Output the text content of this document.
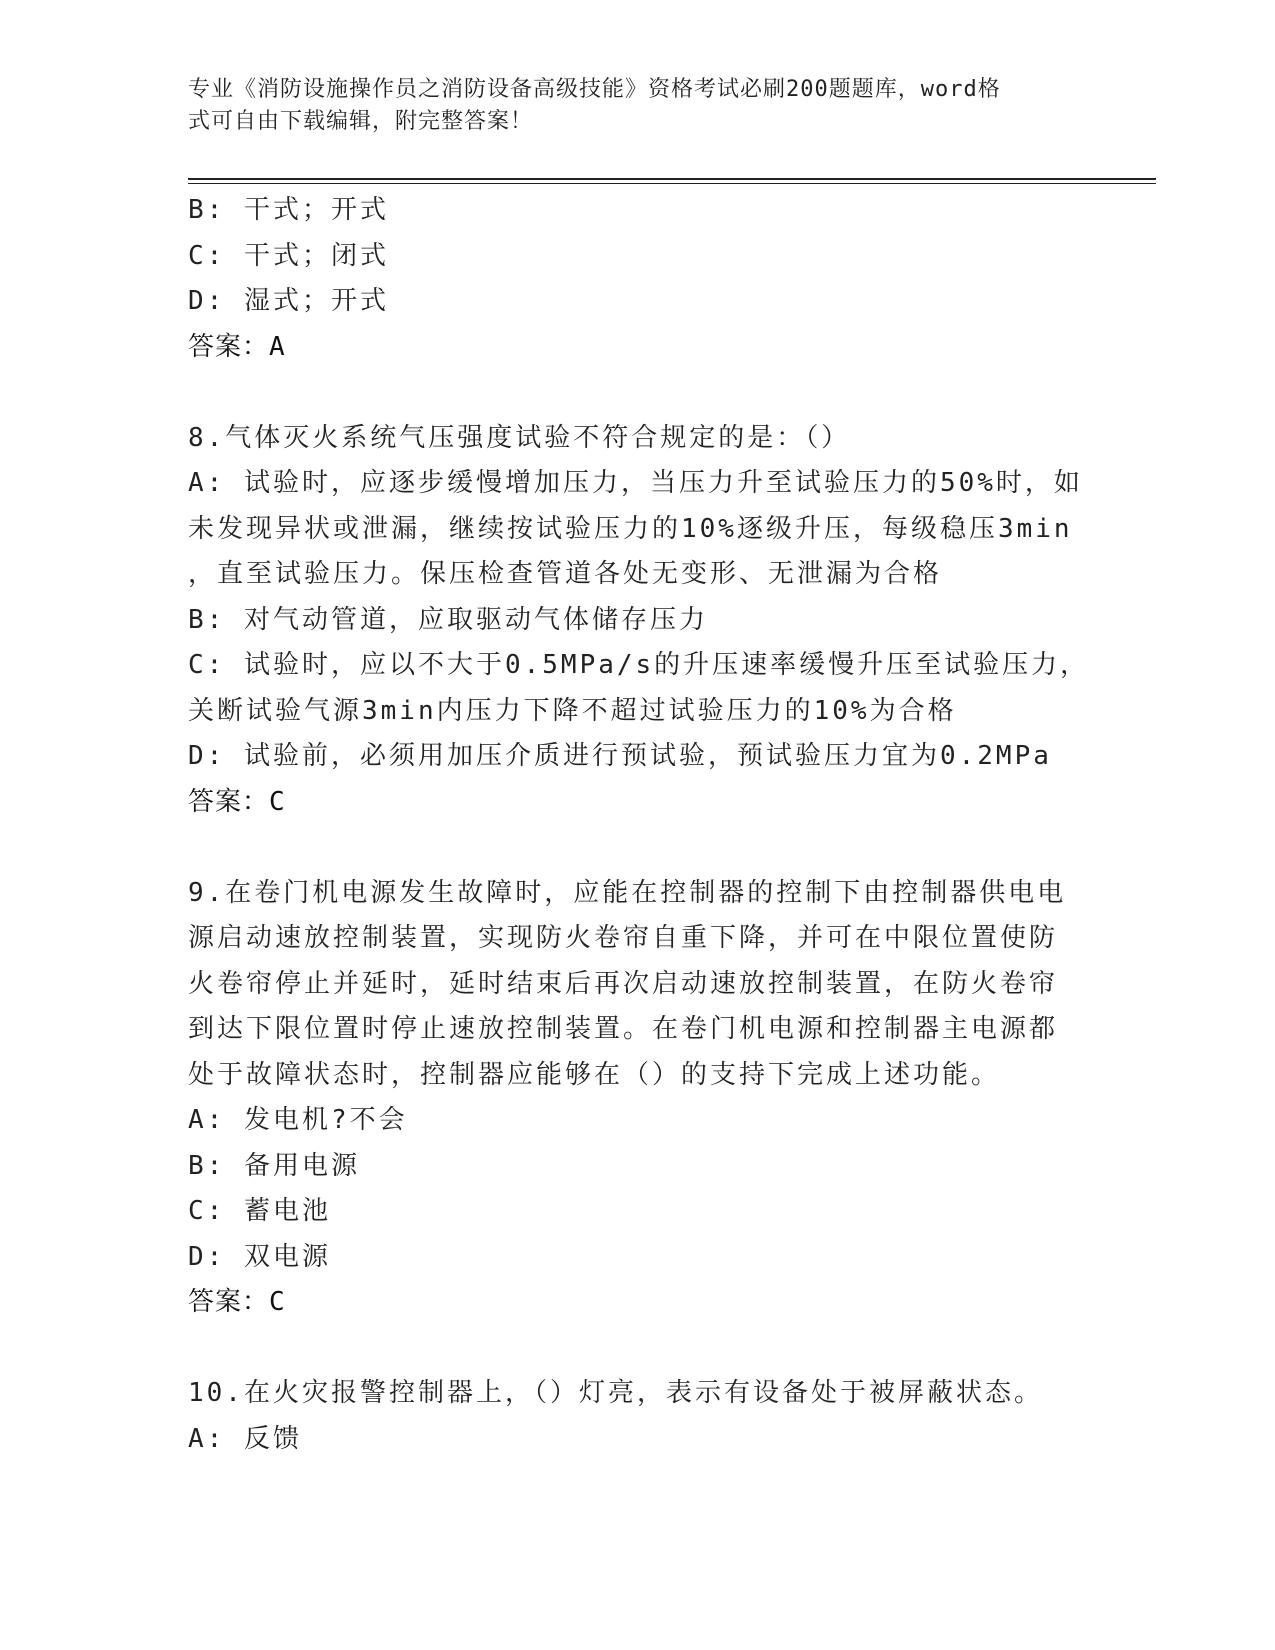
专业《消防设施操作员之消防设备高级技能》资格考试必刷200题题库，word格
式可自由下载编辑，附完整答案！
B: 干式；开式
C: 干式；闭式
D: 湿式；开式
答案：A
8.气体灭火系统气压强度试验不符合规定的是：（）
A: 试验时，应逐步缓慢增加压力，当压力升至试验压力的50%时，如
未发现异状或泄漏，继续按试验压力的10%逐级升压，每级稳压3min
，直至试验压力。保压检查管道各处无变形、无泄漏为合格
B: 对气动管道，应取驱动气体储存压力
C: 试验时，应以不大于0.5MPa/s的升压速率缓慢升压至试验压力，
关断试验气源3min内压力下降不超过试验压力的10%为合格
D: 试验前，必须用加压介质进行预试验，预试验压力宜为0.2MPa
答案：C
9.在卷门机电源发生故障时，应能在控制器的控制下由控制器供电电
源启动速放控制装置，实现防火卷帘自重下降，并可在中限位置使防
火卷帘停止并延时，延时结束后再次启动速放控制装置，在防火卷帘
到达下限位置时停止速放控制装置。在卷门机电源和控制器主电源都
处于故障状态时，控制器应能够在（）的支持下完成上述功能。
A: 发电机?不会
B: 备用电源
C: 蓄电池
D: 双电源
答案：C
10.在火灾报警控制器上，（）灯亮，表示有设备处于被屏蔽状态。
A: 反馈
